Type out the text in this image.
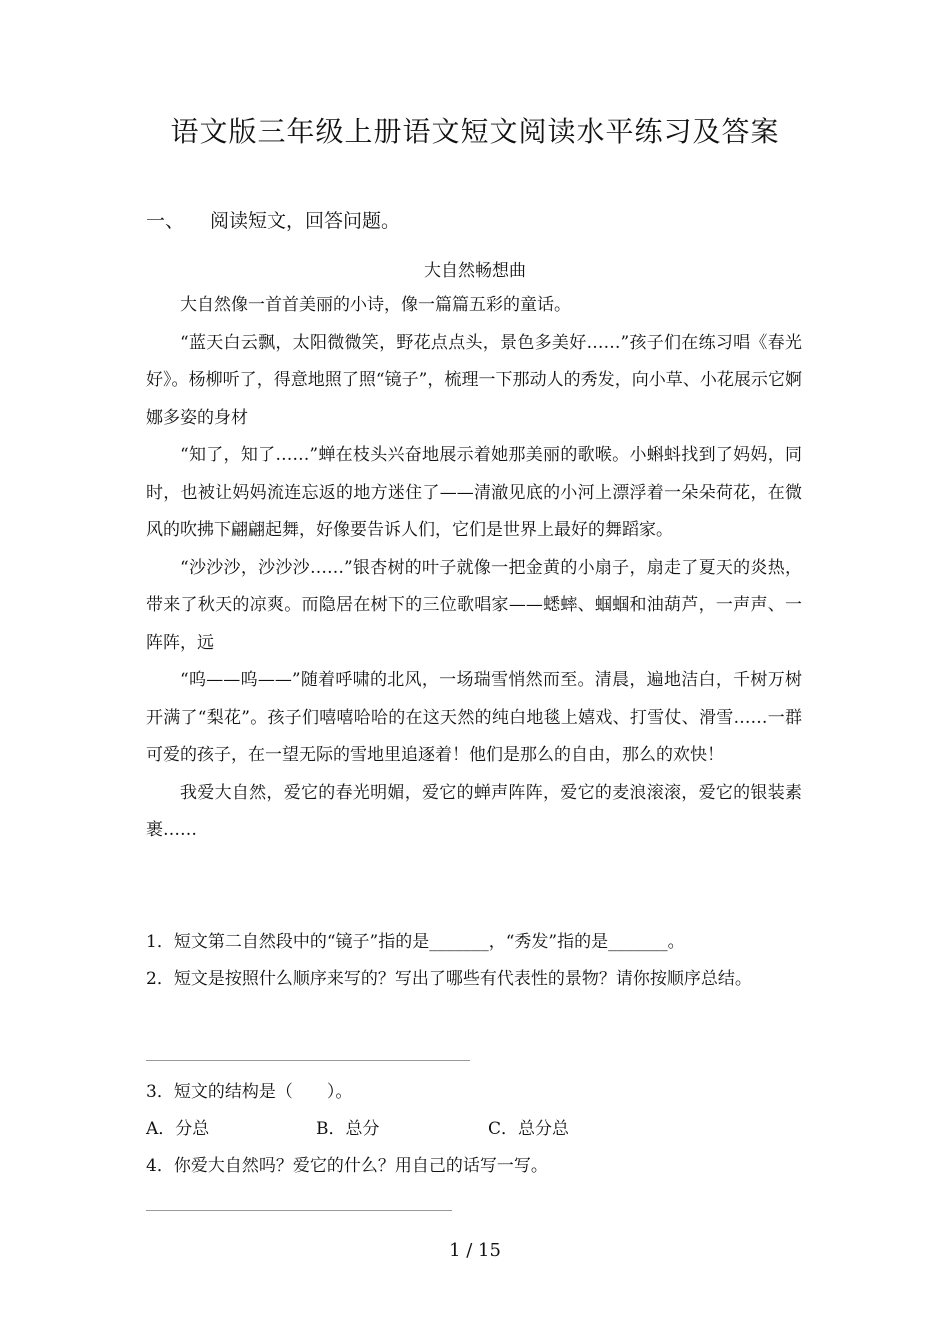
语文版三年级上册语文短文阅读水平练习及答案
一、 阅读短文，回答问题。
大自然畅想曲

大自然像一首首美丽的小诗，像一篇篇五彩的童话。

“蓝天白云飘，太阳微微笑，野花点点头，景色多美好……”孩子们在练习唱《春光好》。杨柳听了，得意地照了照“镜子”，梳理一下那动人的秀发，向小草、小花展示它婀娜多姿的身材

“知了，知了……”蝉在枝头兴奋地展示着她那美丽的歌喉。小蝌蚪找到了妈妈，同时，也被让妈妈流连忘返的地方迷住了——清澈见底的小河上漂浮着一朵朵荷花，在微风的吹拂下翩翩起舞，好像要告诉人们，它们是世界上最好的舞蹈家。

“沙沙沙，沙沙沙……”银杏树的叶子就像一把金黄的小扇子，扇走了夏天的炎热，带来了秋天的凉爽。而隐居在树下的三位歌唱家——蟋蟀、蝈蝈和油葫芦，一声声、一阵阵，远

“呜——呜——”随着呼啸的北风，一场瑞雪悄然而至。清晨，遍地洁白，千树万树开满了“梨花”。孩子们嘻嘻哈哈的在这天然的纯白地毯上嬉戏、打雪仗、滑雪……一群可爱的孩子，在一望无际的雪地里追逐着！他们是那么的自由，那么的欢快！

我爱大自然，爱它的春光明媚，爱它的蝉声阵阵，爱它的麦浪滚滚，爱它的银装素裹……

1．短文第二自然段中的“镜子”指的是_______，“秀发”指的是_______。
2．短文是按照什么顺序来写的？写出了哪些有代表性的景物？请你按顺序总结。
3．短文的结构是（　　）。
A．分总	B．总分	C．总分总
4．你爱大自然吗？爱它的什么？用自己的话写一写。
1 / 15
